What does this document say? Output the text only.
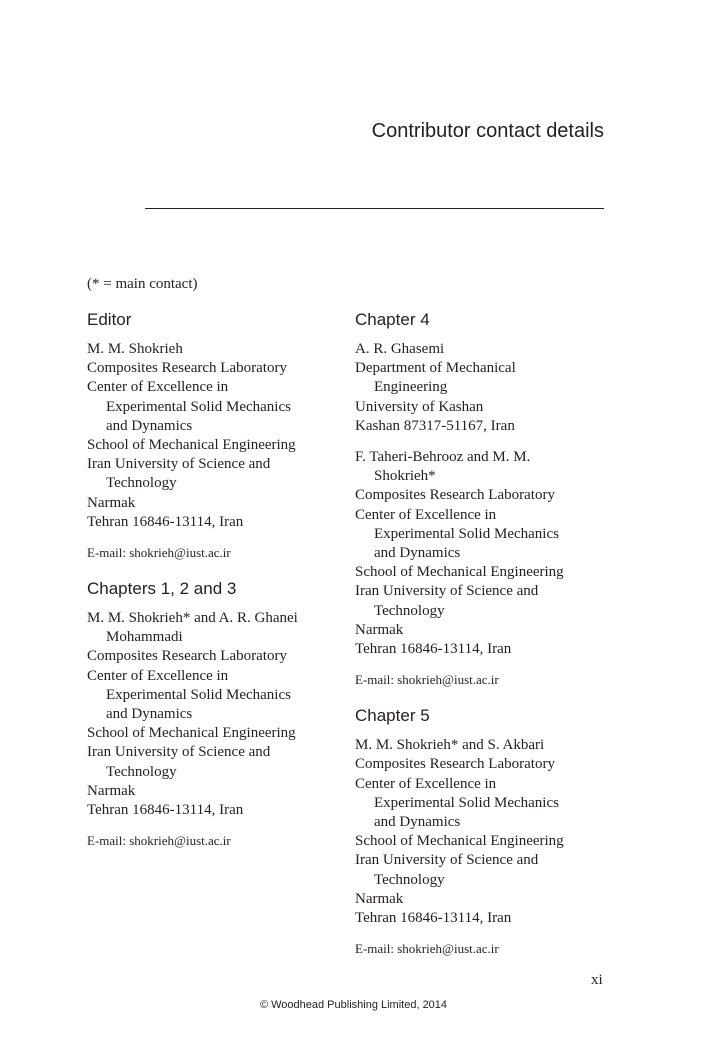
Contributor contact details
(* = main contact)
Editor
M. M. Shokrieh
Composites Research Laboratory
Center of Excellence in
Experimental Solid Mechanics
and Dynamics
School of Mechanical Engineering
Iran University of Science and
Technology
Narmak
Tehran 16846-13114, Iran
E-mail: shokrieh@iust.ac.ir
Chapters 1, 2 and 3
M. M. Shokrieh* and A. R. Ghanei
Mohammadi
Composites Research Laboratory
Center of Excellence in
Experimental Solid Mechanics
and Dynamics
School of Mechanical Engineering
Iran University of Science and
Technology
Narmak
Tehran 16846-13114, Iran
E-mail: shokrieh@iust.ac.ir
Chapter 4
A. R. Ghasemi
Department of Mechanical
Engineering
University of Kashan
Kashan 87317-51167, Iran
F. Taheri-Behrooz and M. M.
Shokrieh*
Composites Research Laboratory
Center of Excellence in
Experimental Solid Mechanics
and Dynamics
School of Mechanical Engineering
Iran University of Science and
Technology
Narmak
Tehran 16846-13114, Iran
E-mail: shokrieh@iust.ac.ir
Chapter 5
M. M. Shokrieh* and S. Akbari
Composites Research Laboratory
Center of Excellence in
Experimental Solid Mechanics
and Dynamics
School of Mechanical Engineering
Iran University of Science and
Technology
Narmak
Tehran 16846-13114, Iran
E-mail: shokrieh@iust.ac.ir
xi
© Woodhead Publishing Limited, 2014
